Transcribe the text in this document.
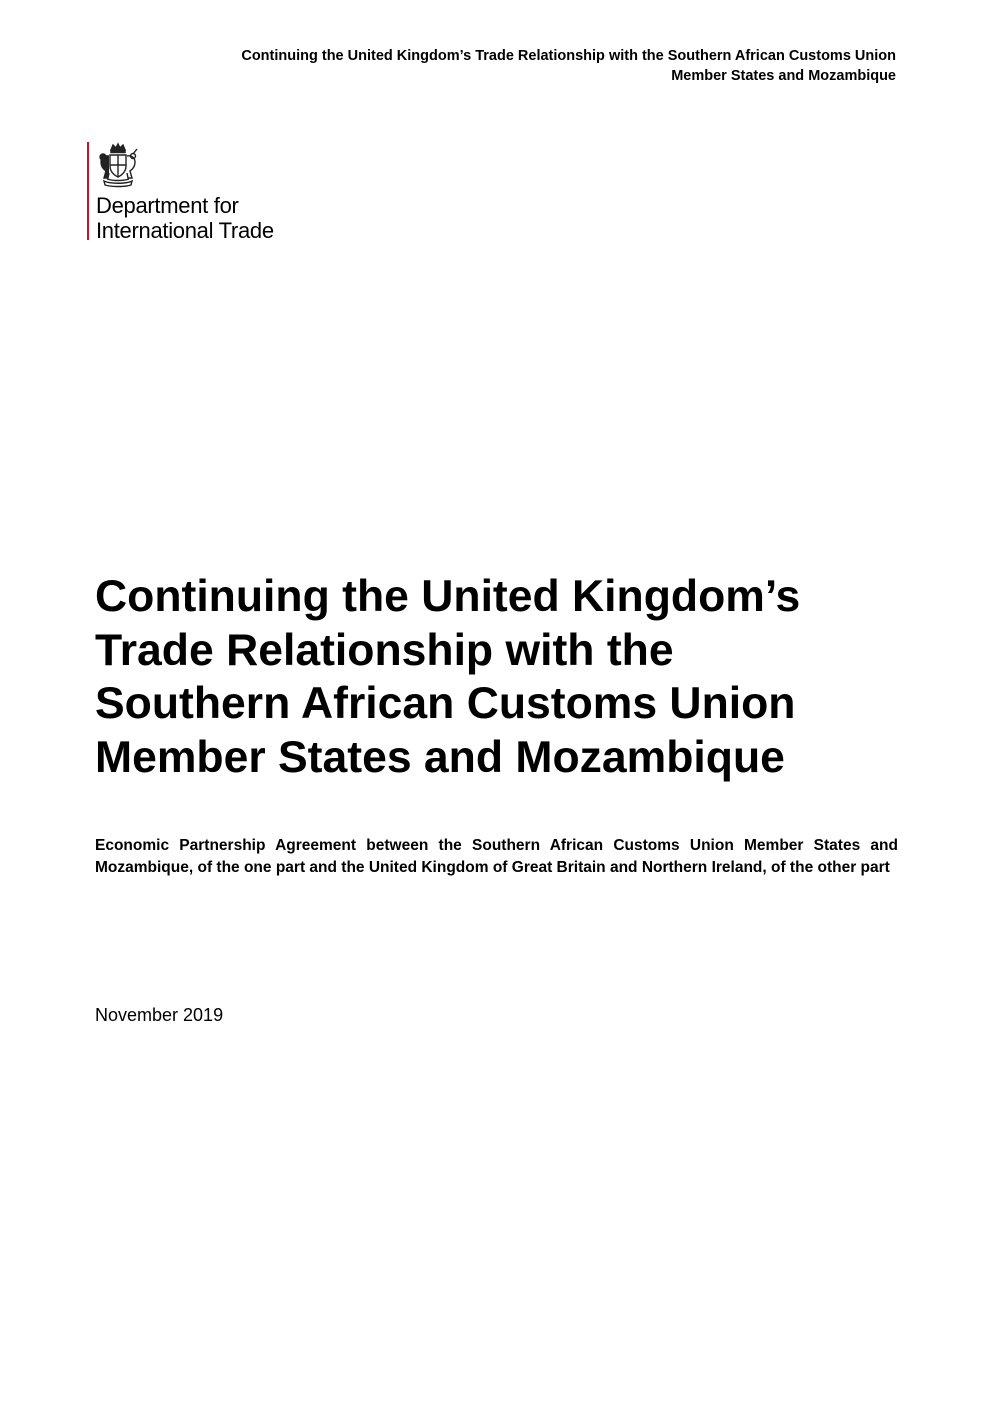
Continuing the United Kingdom’s Trade Relationship with the Southern African Customs Union
Member States and Mozambique
Department for
International Trade
Continuing the United Kingdom’s
Trade Relationship with the
Southern African Customs Union
Member States and Mozambique

Economic Partnership Agreement between the Southern African Customs Union Member States and Mozambique, of the one part and the United Kingdom of Great Britain and Northern Ireland, of the other part

November 2019
